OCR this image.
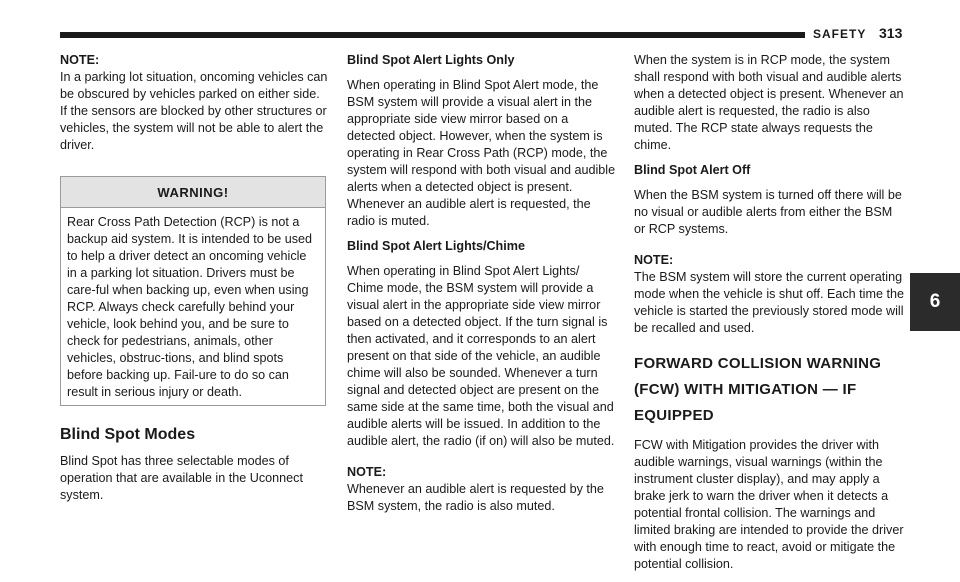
SAFETY 313
6

NOTE:
In a parking lot situation, oncoming vehicles can be obscured by vehicles parked on either side. If the sensors are blocked by other structures or vehicles, the system will not be able to alert the driver.

WARNING!
Rear Cross Path Detection (RCP) is not a backup aid system. It is intended to be used to help a driver detect an oncoming vehicle in a parking lot situation. Drivers must be care-ful when backing up, even when using RCP. Always check carefully behind your vehicle, look behind you, and be sure to check for pedestrians, animals, other vehicles, obstruc-tions, and blind spots before backing up. Fail-ure to do so can result in serious injury or death.
Blind Spot Modes

Blind Spot has three selectable modes of operation that are available in the Uconnect system.

Blind Spot Alert Lights Only

When operating in Blind Spot Alert mode, the BSM system will provide a visual alert in the appropriate side view mirror based on a detected object. However, when the system is operating in Rear Cross Path (RCP) mode, the system will respond with both visual and audible alerts when a detected object is present. Whenever an audible alert is requested, the radio is muted.

Blind Spot Alert Lights/Chime

When operating in Blind Spot Alert Lights/ Chime mode, the BSM system will provide a visual alert in the appropriate side view mirror based on a detected object. If the turn signal is then activated, and it corresponds to an alert present on that side of the vehicle, an audible chime will also be sounded. Whenever a turn signal and detected object are present on the same side at the same time, both the visual and audible alerts will be issued. In addition to the audible alert, the radio (if on) will also be muted.

NOTE:
Whenever an audible alert is requested by the BSM system, the radio is also muted.

When the system is in RCP mode, the system shall respond with both visual and audible alerts when a detected object is present. Whenever an audible alert is requested, the radio is also muted. The RCP state always requests the chime.

Blind Spot Alert Off

When the BSM system is turned off there will be no visual or audible alerts from either the BSM or RCP systems.

NOTE:
The BSM system will store the current operating mode when the vehicle is shut off. Each time the vehicle is started the previously stored mode will be recalled and used.

FORWARD COLLISION WARNING (FCW) WITH MITIGATION — IF EQUIPPED

FCW with Mitigation provides the driver with audible warnings, visual warnings (within the instrument cluster display), and may apply a brake jerk to warn the driver when it detects a potential frontal collision. The warnings and limited braking are intended to provide the driver with enough time to react, avoid or mitigate the potential collision.
